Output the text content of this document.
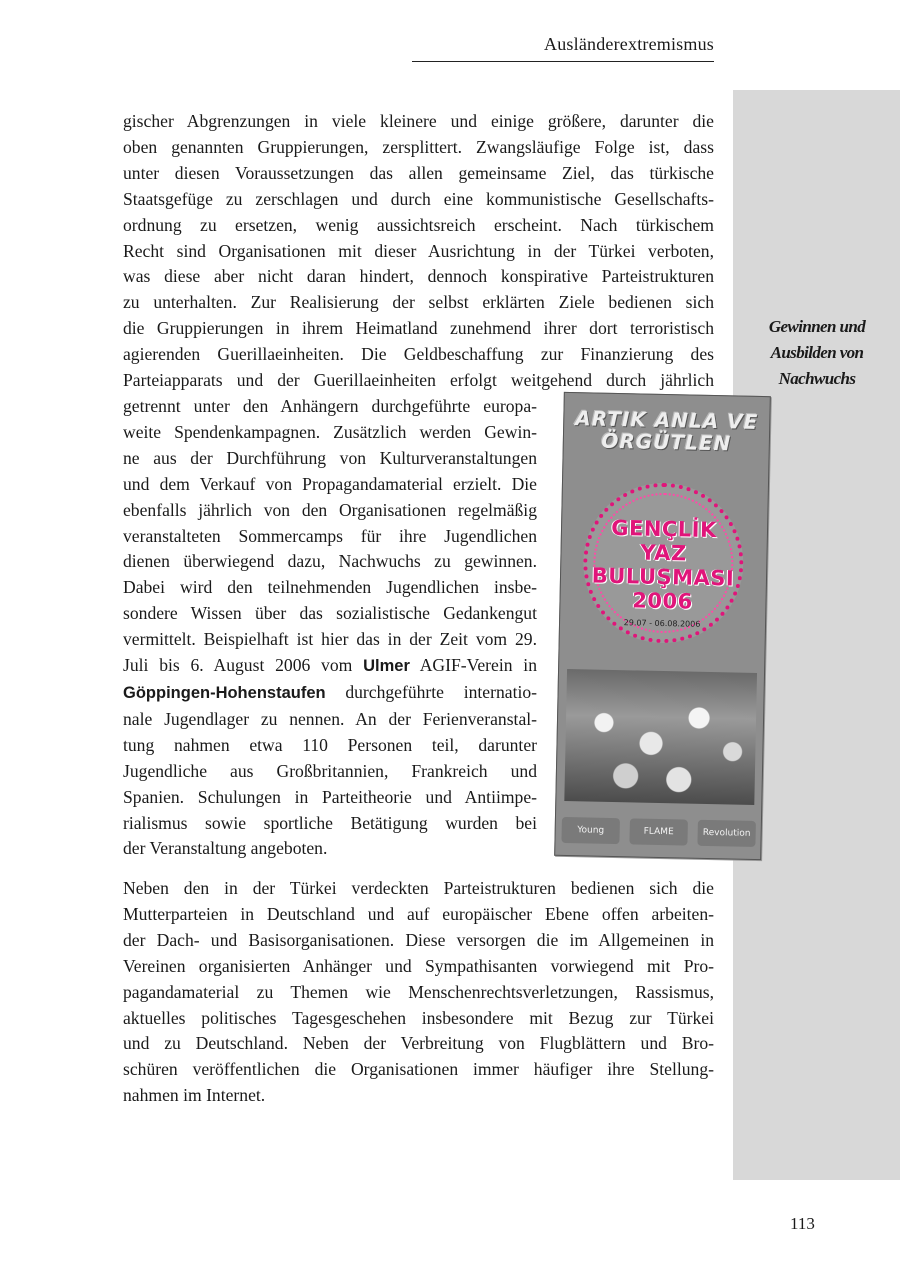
Ausländerextremismus
Gewinnen und
Ausbilden von
Nachwuchs
gischer Abgrenzungen in viele kleinere und einige größere, darunter die
oben genannten Gruppierungen, zersplittert. Zwangsläufige Folge ist, dass
unter diesen Voraussetzungen das allen gemeinsame Ziel, das türkische
Staatsgefüge zu zerschlagen und durch eine kommunistische Gesellschafts-
ordnung zu ersetzen, wenig aussichtsreich erscheint. Nach türkischem
Recht sind Organisationen mit dieser Ausrichtung in der Türkei verboten,
was diese aber nicht daran hindert, dennoch konspirative Parteistrukturen
zu unterhalten. Zur Realisierung der selbst erklärten Ziele bedienen sich
die Gruppierungen in ihrem Heimatland zunehmend ihrer dort terroristisch
agierenden Guerillaeinheiten. Die Geldbeschaffung zur Finanzierung des
Parteiapparats und der Guerillaeinheiten erfolgt weitgehend durch jährlich
getrennt unter den Anhängern durchgeführte europa-
weite Spendenkampagnen. Zusätzlich werden Gewin-
ne aus der Durchführung von Kulturveranstaltungen
und dem Verkauf von Propagandamaterial erzielt. Die
ebenfalls jährlich von den Organisationen regelmäßig
veranstalteten Sommercamps für ihre Jugendlichen
dienen überwiegend dazu, Nachwuchs zu gewinnen.
Dabei wird den teilnehmenden Jugendlichen insbe-
sondere Wissen über das sozialistische Gedankengut
vermittelt. Beispielhaft ist hier das in der Zeit vom 29.
Juli bis 6. August 2006 vom Ulmer AGIF-Verein in
Göppingen-Hohenstaufen durchgeführte internatio-
nale Jugendlager zu nennen. An der Ferienveranstal-
tung nahmen etwa 110 Personen teil, darunter
Jugendliche aus Großbritannien, Frankreich und
Spanien. Schulungen in Parteitheorie und Antiimpe-
rialismus sowie sportliche Betätigung wurden bei
der Veranstaltung angeboten.
Neben den in der Türkei verdeckten Parteistrukturen bedienen sich die
Mutterparteien in Deutschland und auf europäischer Ebene offen arbeiten-
der Dach- und Basisorganisationen. Diese versorgen die im Allgemeinen in
Vereinen organisierten Anhänger und Sympathisanten vorwiegend mit Pro-
pagandamaterial zu Themen wie Menschenrechtsverletzungen, Rassismus,
aktuelles politisches Tagesgeschehen insbesondere mit Bezug zur Türkei
und zu Deutschland. Neben der Verbreitung von Flugblättern und Bro-
schüren veröffentlichen die Organisationen immer häufiger ihre Stellung-
nahmen im Internet.
ARTIK ANLA VE
ÖRGÜTLEN
GENÇLİK
YAZ
BULUŞMASI
2006
29.07 - 06.08.2006
Young	FLAME	Revolution
113
